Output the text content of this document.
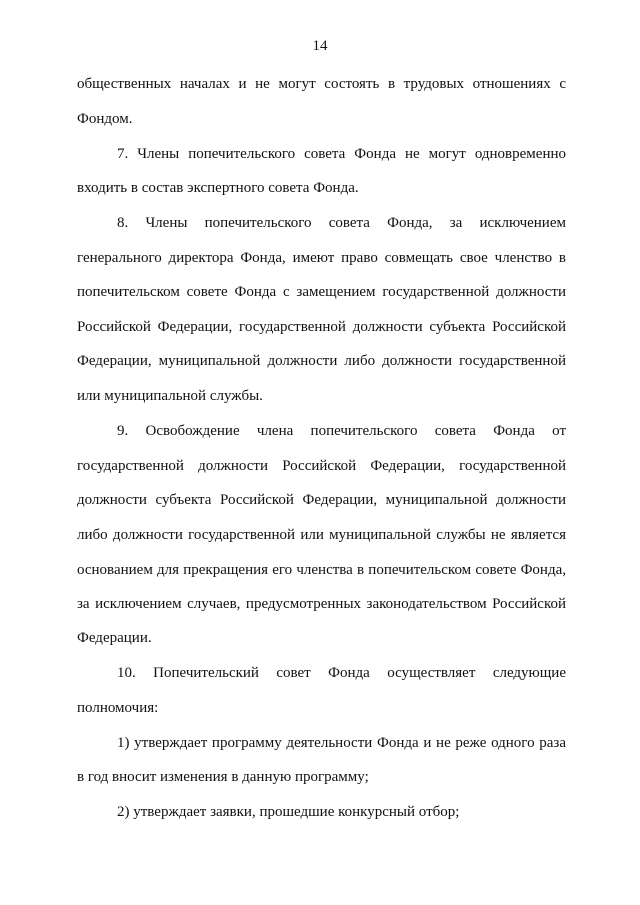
14
общественных началах и не могут состоять в трудовых отношениях с
Фондом.
7. Члены попечительского совета Фонда не могут одновременно
входить в состав экспертного совета Фонда.
8. Члены попечительского совета Фонда, за исключением
генерального директора Фонда, имеют право совмещать свое членство в
попечительском совете Фонда с замещением государственной должности
Российской Федерации, государственной должности субъекта Российской
Федерации, муниципальной должности либо должности государственной
или муниципальной службы.
9. Освобождение члена попечительского совета Фонда от
государственной должности Российской Федерации, государственной
должности субъекта Российской Федерации, муниципальной должности
либо должности государственной или муниципальной службы не является
основанием для прекращения его членства в попечительском совете Фонда,
за исключением случаев, предусмотренных законодательством Российской
Федерации.
10. Попечительский совет Фонда осуществляет следующие
полномочия:
1) утверждает программу деятельности Фонда и не реже одного раза
в год вносит изменения в данную программу;
2) утверждает заявки, прошедшие конкурсный отбор;
